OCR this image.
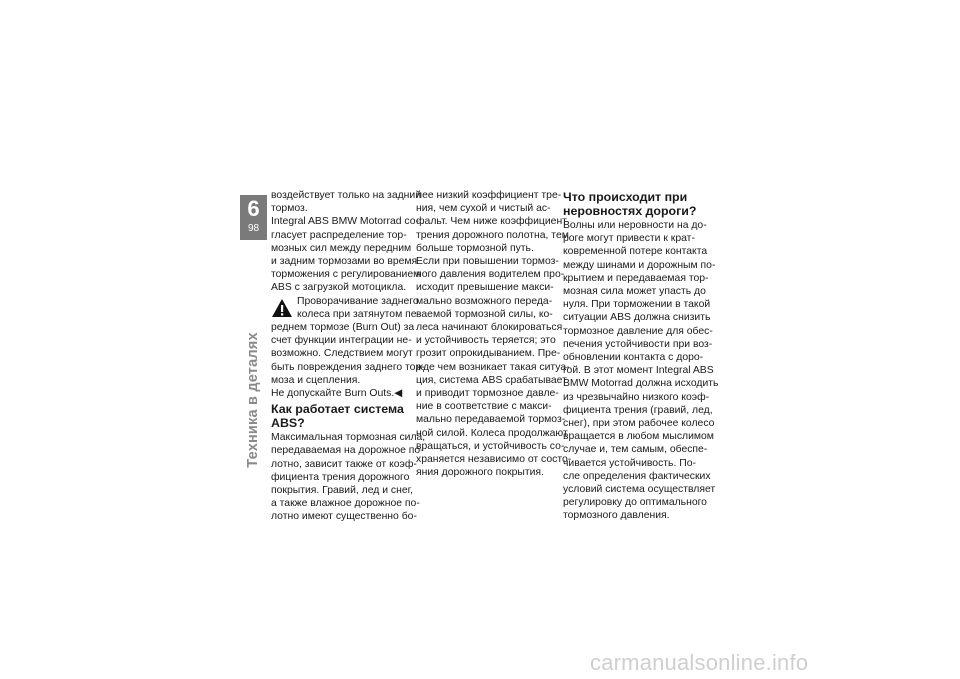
6
98
Техника в деталях

воздействует только на задний

тормоз.

Integral ABS BMW Motorrad со-

гласует распределение тор-

мозных сил между передним

и задним тормозами во время

торможения с регулированием

ABS с загрузкой мотоцикла.

Проворачивание заднего

колеса при затянутом пе-

реднем тормозе (Burn Out) за

счет функции интеграции не-

возможно. Следствием могут

быть повреждения заднего тор-

моза и сцепления.

Не допускайте Burn Outs.◀

Как работает система
ABS?

Максимальная тормозная сила,

передаваемая на дорожное по-

лотно, зависит также от коэф-

фициента трения дорожного

покрытия. Гравий, лед и снег,

а также влажное дорожное по-

лотно имеют существенно бо-

лее низкий коэффициент тре-

ния, чем сухой и чистый ас-

фальт. Чем ниже коэффициент

трения дорожного полотна, тем

больше тормозной путь.

Если при повышении тормоз-

ного давления водителем про-

исходит превышение макси-

мально возможного переда-

ваемой тормозной силы, ко-

леса начинают блокироваться

и устойчивость теряется; это

грозит опрокидыванием. Пре-

жде чем возникает такая ситуа-

ция, система ABS срабатывает

и приводит тормозное давле-

ние в соответствие с макси-

мально передаваемой тормоз-

ной силой. Колеса продолжают

вращаться, и устойчивость со-

храняется независимо от состо-

яния дорожного покрытия.

Что происходит при
неровностях дороги?

Волны или неровности на до-

роге могут привести к крат-

ковременной потере контакта

между шинами и дорожным по-

крытием и передаваемая тор-

мозная сила может упасть до

нуля. При торможении в такой

ситуации ABS должна снизить

тормозное давление для обес-

печения устойчивости при воз-

обновлении контакта с доро-

гой. В этот момент Integral ABS

BMW Motorrad должна исходить

из чрезвычайно низкого коэф-

фициента трения (гравий, лед,

снег), при этом рабочее колесо

вращается в любом мыслимом

случае и, тем самым, обеспе-

чивается устойчивость. По-

сле определения фактических

условий система осуществляет

регулировку до оптимального

тормозного давления.

carmanualsonline.info
